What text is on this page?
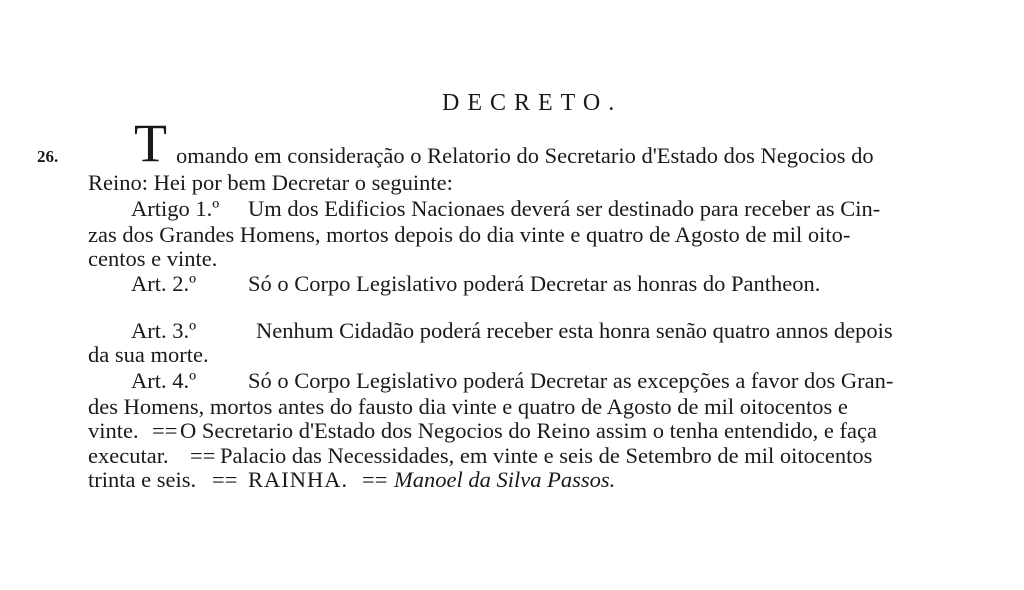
DECRETO.
26. T omando em consideração o Relatorio do Secretario d'Estado dos Negocios do
Reino: Hei por bem Decretar o seguinte:
Artigo 1.º Um dos Edificios Nacionaes deverá ser destinado para receber as Cin-
zas dos Grandes Homens, mortos depois do dia vinte e quatro de Agosto de mil oito-
centos e vinte.
Art. 2.º Só o Corpo Legislativo poderá Decretar as honras do Pantheon.
Art. 3.º	Nenhum Cidadão poderá receber esta honra senão quatro annos depois
da sua morte.
Art. 4.º Só o Corpo Legislativo poderá Decretar as excepções a favor dos Gran-
des Homens, mortos antes do fausto dia vinte e quatro de Agosto de mil oitocentos e
vinte. == O Secretario d'Estado dos Negocios do Reino assim o tenha entendido, e faça
executar. == Palacio das Necessidades, em vinte e seis de Setembro de mil oitocentos
trinta e seis. == RAINHA. == Manoel da Silva Passos.
